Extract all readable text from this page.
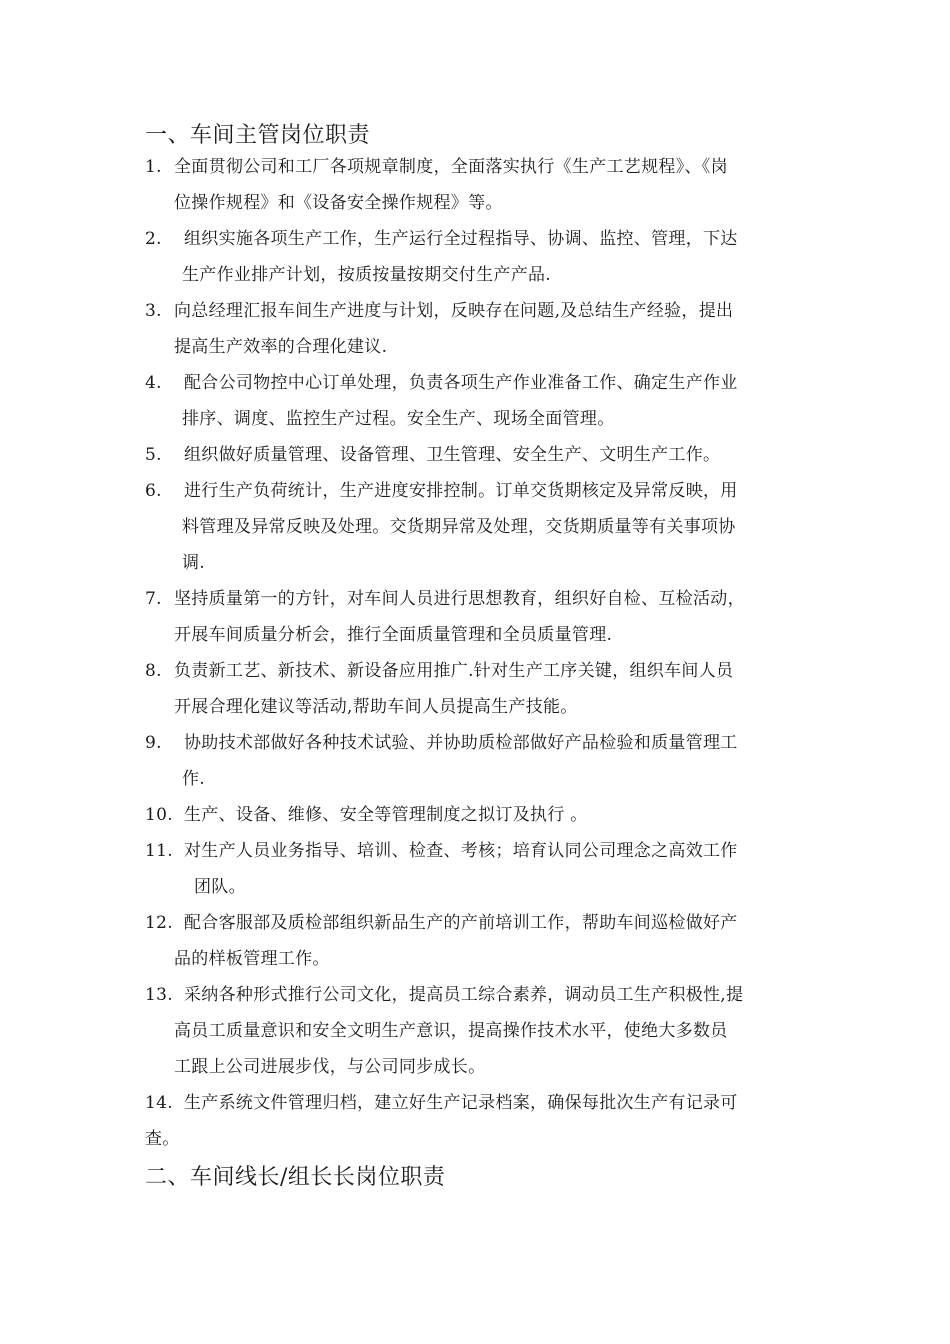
一、车间主管岗位职责
1. 全面贯彻公司和工厂各项规章制度，全面落实执行《生产工艺规程》、《岗
位操作规程》和《设备安全操作规程》等。
2.	组织实施各项生产工作，生产运行全过程指导、协调、监控、管理，下达
生产作业排产计划，按质按量按期交付生产产品.
3. 向总经理汇报车间生产进度与计划，反映存在问题,及总结生产经验，提出
提高生产效率的合理化建议.
4.	配合公司物控中心订单处理，负责各项生产作业准备工作、确定生产作业
排序、调度、监控生产过程。安全生产、现场全面管理。
5.	组织做好质量管理、设备管理、卫生管理、安全生产、文明生产工作。
6.	进行生产负荷统计，生产进度安排控制。订单交货期核定及异常反映，用
料管理及异常反映及处理。交货期异常及处理，交货期质量等有关事项协
调.
7. 坚持质量第一的方针，对车间人员进行思想教育，组织好自检、互检活动，
开展车间质量分析会，推行全面质量管理和全员质量管理.
8. 负责新工艺、新技术、新设备应用推广.针对生产工序关键，组织车间人员
开展合理化建议等活动,帮助车间人员提高生产技能。
9.	协助技术部做好各种技术试验、并协助质检部做好产品检验和质量管理工
作.
10. 生产、设备、维修、安全等管理制度之拟订及执行 。
11. 对生产人员业务指导、培训、检查、考核；培育认同公司理念之高效工作
团队。
12. 配合客服部及质检部组织新品生产的产前培训工作，帮助车间巡检做好产
品的样板管理工作。
13. 采纳各种形式推行公司文化，提高员工综合素养，调动员工生产积极性,提
高员工质量意识和安全文明生产意识，提高操作技术水平，使绝大多数员
工跟上公司进展步伐，与公司同步成长。
14. 生产系统文件管理归档，建立好生产记录档案，确保每批次生产有记录可
查。
二、车间线长/组长长岗位职责
